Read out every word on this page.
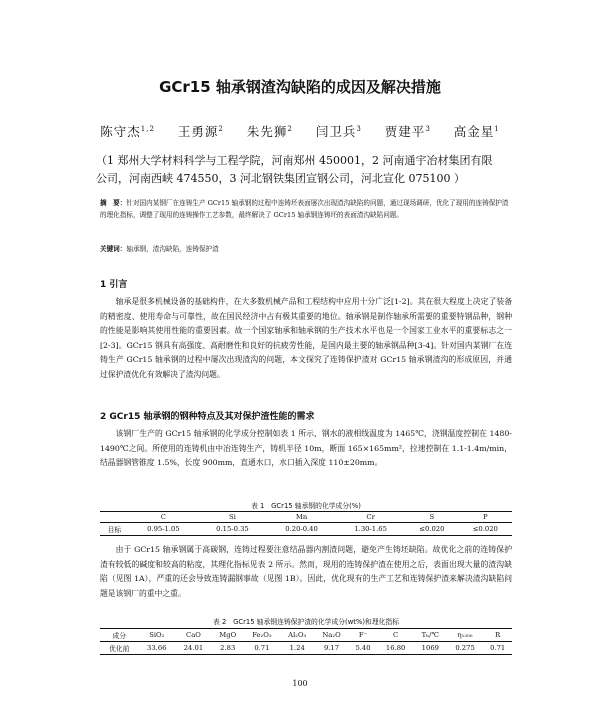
GCr15 轴承钢渣沟缺陷的成因及解决措施
陈守杰$^{1,2}$ 王勇源$^2$ 朱先狮$^2$ 闫卫兵$^3$ 贾建平$^3$ 高金星$^1$
（1 郑州大学材料科学与工程学院，河南郑州 450001，2 河南通宇冶材集团有限
公司，河南西峡 474550，3 河北钢铁集团宣钢公司，河北宣化 075100 ）
摘　要：针对国内某钢厂在连铸生产 GCr15 轴承钢的过程中连铸坯表面屡次出现渣沟缺陷的问题，通过现场调研，优化了现用的连铸保护渣的理化指标，调整了现用的连铸操作工艺参数，最终解决了 GCr15 轴承钢连铸坯的表面渣沟缺陷问题。
关键词：轴承钢，渣沟缺陷，连铸保护渣
1 引言

轴承是很多机械设备的基础构件，在大多数机械产品和工程结构中应用十分广泛[1-2]。其在很大程度上决定了装备的精密度、使用寿命与可靠性，故在国民经济中占有极其重要的地位。轴承钢是制作轴承所需要的重要特钢品种，钢种的性能是影响其使用性能的重要因素。故一个国家轴承和轴承钢的生产技术水平也是一个国家工业水平的重要标志之一[2-3]。GCr15 钢具有高强度、高耐磨性和良好的抗疲劳性能，是国内最主要的轴承钢品种[3-4]。针对国内某钢厂在连铸生产 GCr15 轴承钢的过程中屡次出现渣沟的问题，本文探究了连铸保护渣对 GCr15 轴承钢渣沟的形成原因，并通过保护渣优化有效解决了渣沟问题。

2 GCr15 轴承钢的钢种特点及其对保护渣性能的需求

该钢厂生产的 GCr15 轴承钢的化学成分控制如表 1 所示，钢水的液相线温度为 1465℃，浇钢温度控制在 1480-1490℃之间。所使用的连铸机由中冶连铸生产，铸机半径 10m，断面 165×165mm²，拉速控制在 1.1-1.4m/min，结晶器钢管锥度 1.5%，长度 900mm，直通水口，水口插入深度 110±20mm。

表 1　GCr15 轴承钢的化学成分(%)
	C	Si	Mn	Cr	S	P
目标	0.95-1.05	0.15-0.35	0.20-0.40	1.30-1.65	≤0.020	≤0.020

由于 GCr15 轴承钢属于高碳钢，连铸过程要注意结晶器内割渣问题，避免产生铸坯缺陷。故优化之前的连铸保护渣有较低的碱度和较高的粘度，其理化指标见表 2 所示。然而，现用的连铸保护渣在使用之后，表面出现大量的渣沟缺陷（见图 1A），严重的还会导致连铸漏钢事故（见图 1B）。因此，优化现有的生产工艺和连铸保护渣来解决渣沟缺陷问题是该钢厂的重中之重。

表 2　GCr15 轴承钢连铸保护渣的化学成分(wt%)和理化指标
成分	SiO₂	CaO	MgO	Fe₂O₃	Al₂O₃	Na₂O	F⁻	C	Tₕ/℃	η₁₃₀₀	R
优化前	33.66	24.01	2.83	0.71	1.24	9.17	5.40	16.80	1069	0.275	0.71
100
